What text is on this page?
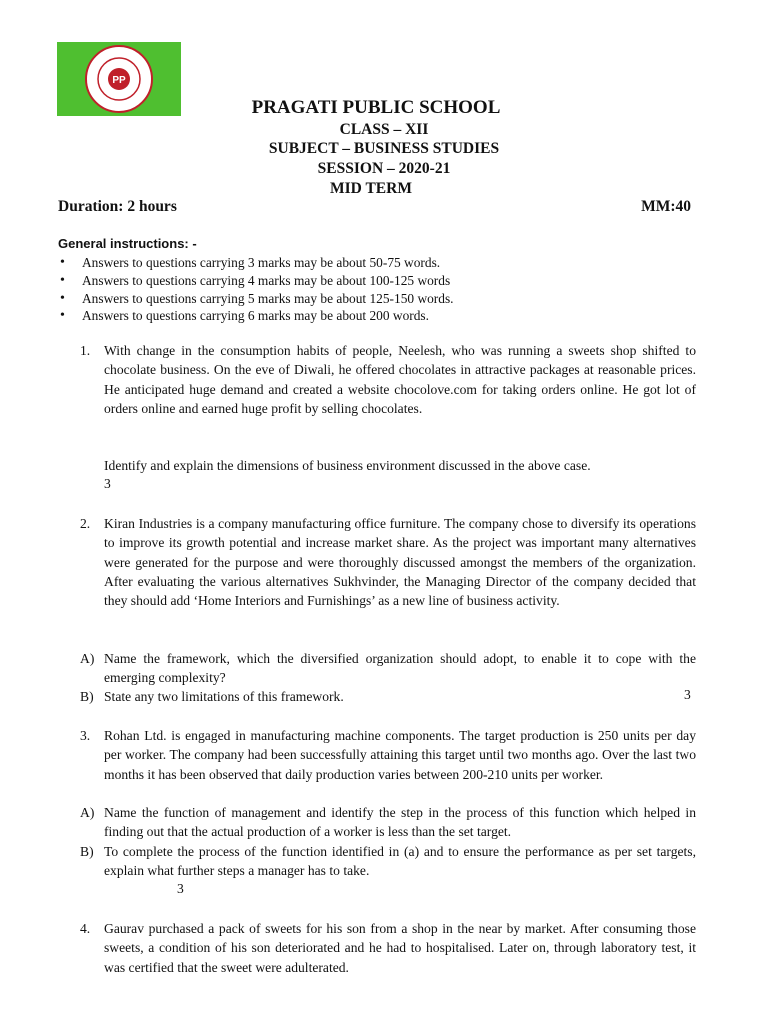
PP
PRAGATI PUBLIC SCHOOL
CLASS – XII
SUBJECT – BUSINESS STUDIES
SESSION – 2020-21
MID TERM
Duration: 2 hours	MM:40
General instructions: -
• Answers to questions carrying 3 marks may be about 50-75 words.
• Answers to questions carrying 4 marks may be about 100-125 words
• Answers to questions carrying 5 marks may be about 125-150 words.
• Answers to questions carrying 6 marks may be about 200 words.
1. With change in the consumption habits of people, Neelesh, who was running a sweets shop shifted to chocolate business. On the eve of Diwali, he offered chocolates in attractive packages at reasonable prices. He anticipated huge demand and created a website chocolove.com for taking orders online. He got lot of orders online and earned huge profit by selling chocolates.
Identify and explain the dimensions of business environment discussed in the above case.
3
2. Kiran Industries is a company manufacturing office furniture. The company chose to diversify its operations to improve its growth potential and increase market share. As the project was important many alternatives were generated for the purpose and were thoroughly discussed amongst the members of the organization. After evaluating the various alternatives Sukhvinder, the Managing Director of the company decided that they should add ‘Home Interiors and Furnishings’ as a new line of business activity.
A) Name the framework, which the diversified organization should adopt, to enable it to cope with the emerging complexity?
B) State any two limitations of this framework.	3
3. Rohan Ltd. is engaged in manufacturing machine components. The target production is 250 units per day per worker. The company had been successfully attaining this target until two months ago. Over the last two months it has been observed that daily production varies between 200-210 units per worker.
A) Name the function of management and identify the step in the process of this function which helped in finding out that the actual production of a worker is less than the set target.
B) To complete the process of the function identified in (a) and to ensure the performance as per set targets, explain what further steps a manager has to take.
3
4. Gaurav purchased a pack of sweets for his son from a shop in the near by market. After consuming those sweets, a condition of his son deteriorated and he had to hospitalised. Later on, through laboratory test, it was certified that the sweet were adulterated.
